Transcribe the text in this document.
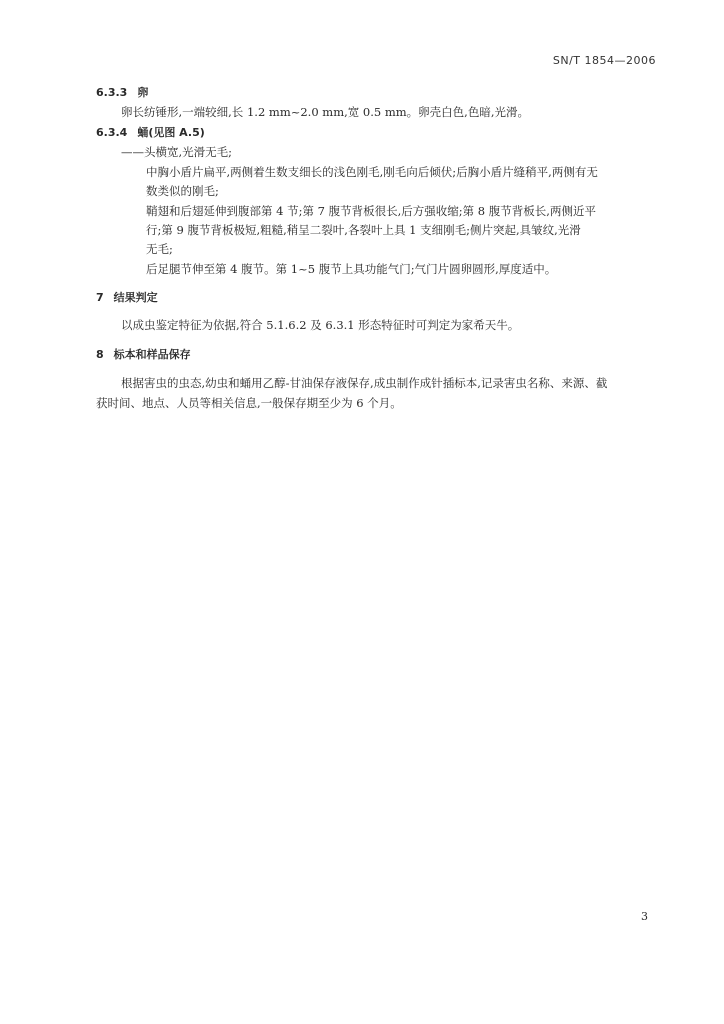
SN/T 1854—2006
6.3.3 卵
卵长纺锤形,一端较细,长 1.2 mm~2.0 mm,宽 0.5 mm。卵壳白色,色暗,光滑。
6.3.4 蛹(见图 A.5)
——头横宽,光滑无毛;
中胸小盾片扁平,两侧着生数支细长的浅色刚毛,刚毛向后倾伏;后胸小盾片缝稍平,两侧有无
数类似的刚毛;
鞘翅和后翅延伸到腹部第 4 节;第 7 腹节背板很长,后方强收缩;第 8 腹节背板长,两侧近平
行;第 9 腹节背板极短,粗糙,稍呈二裂叶,各裂叶上具 1 支细刚毛;侧片突起,具皱纹,光滑
无毛;
后足腿节伸至第 4 腹节。第 1~5 腹节上具功能气门;气门片圆卵圆形,厚度适中。
7 结果判定
以成虫鉴定特征为依据,符合 5.1.6.2 及 6.3.1 形态特征时可判定为家希天牛。
8 标本和样品保存
根据害虫的虫态,幼虫和蛹用乙醇-甘油保存液保存,成虫制作成针插标本,记录害虫名称、来源、截
获时间、地点、人员等相关信息,一般保存期至少为 6 个月。
3
